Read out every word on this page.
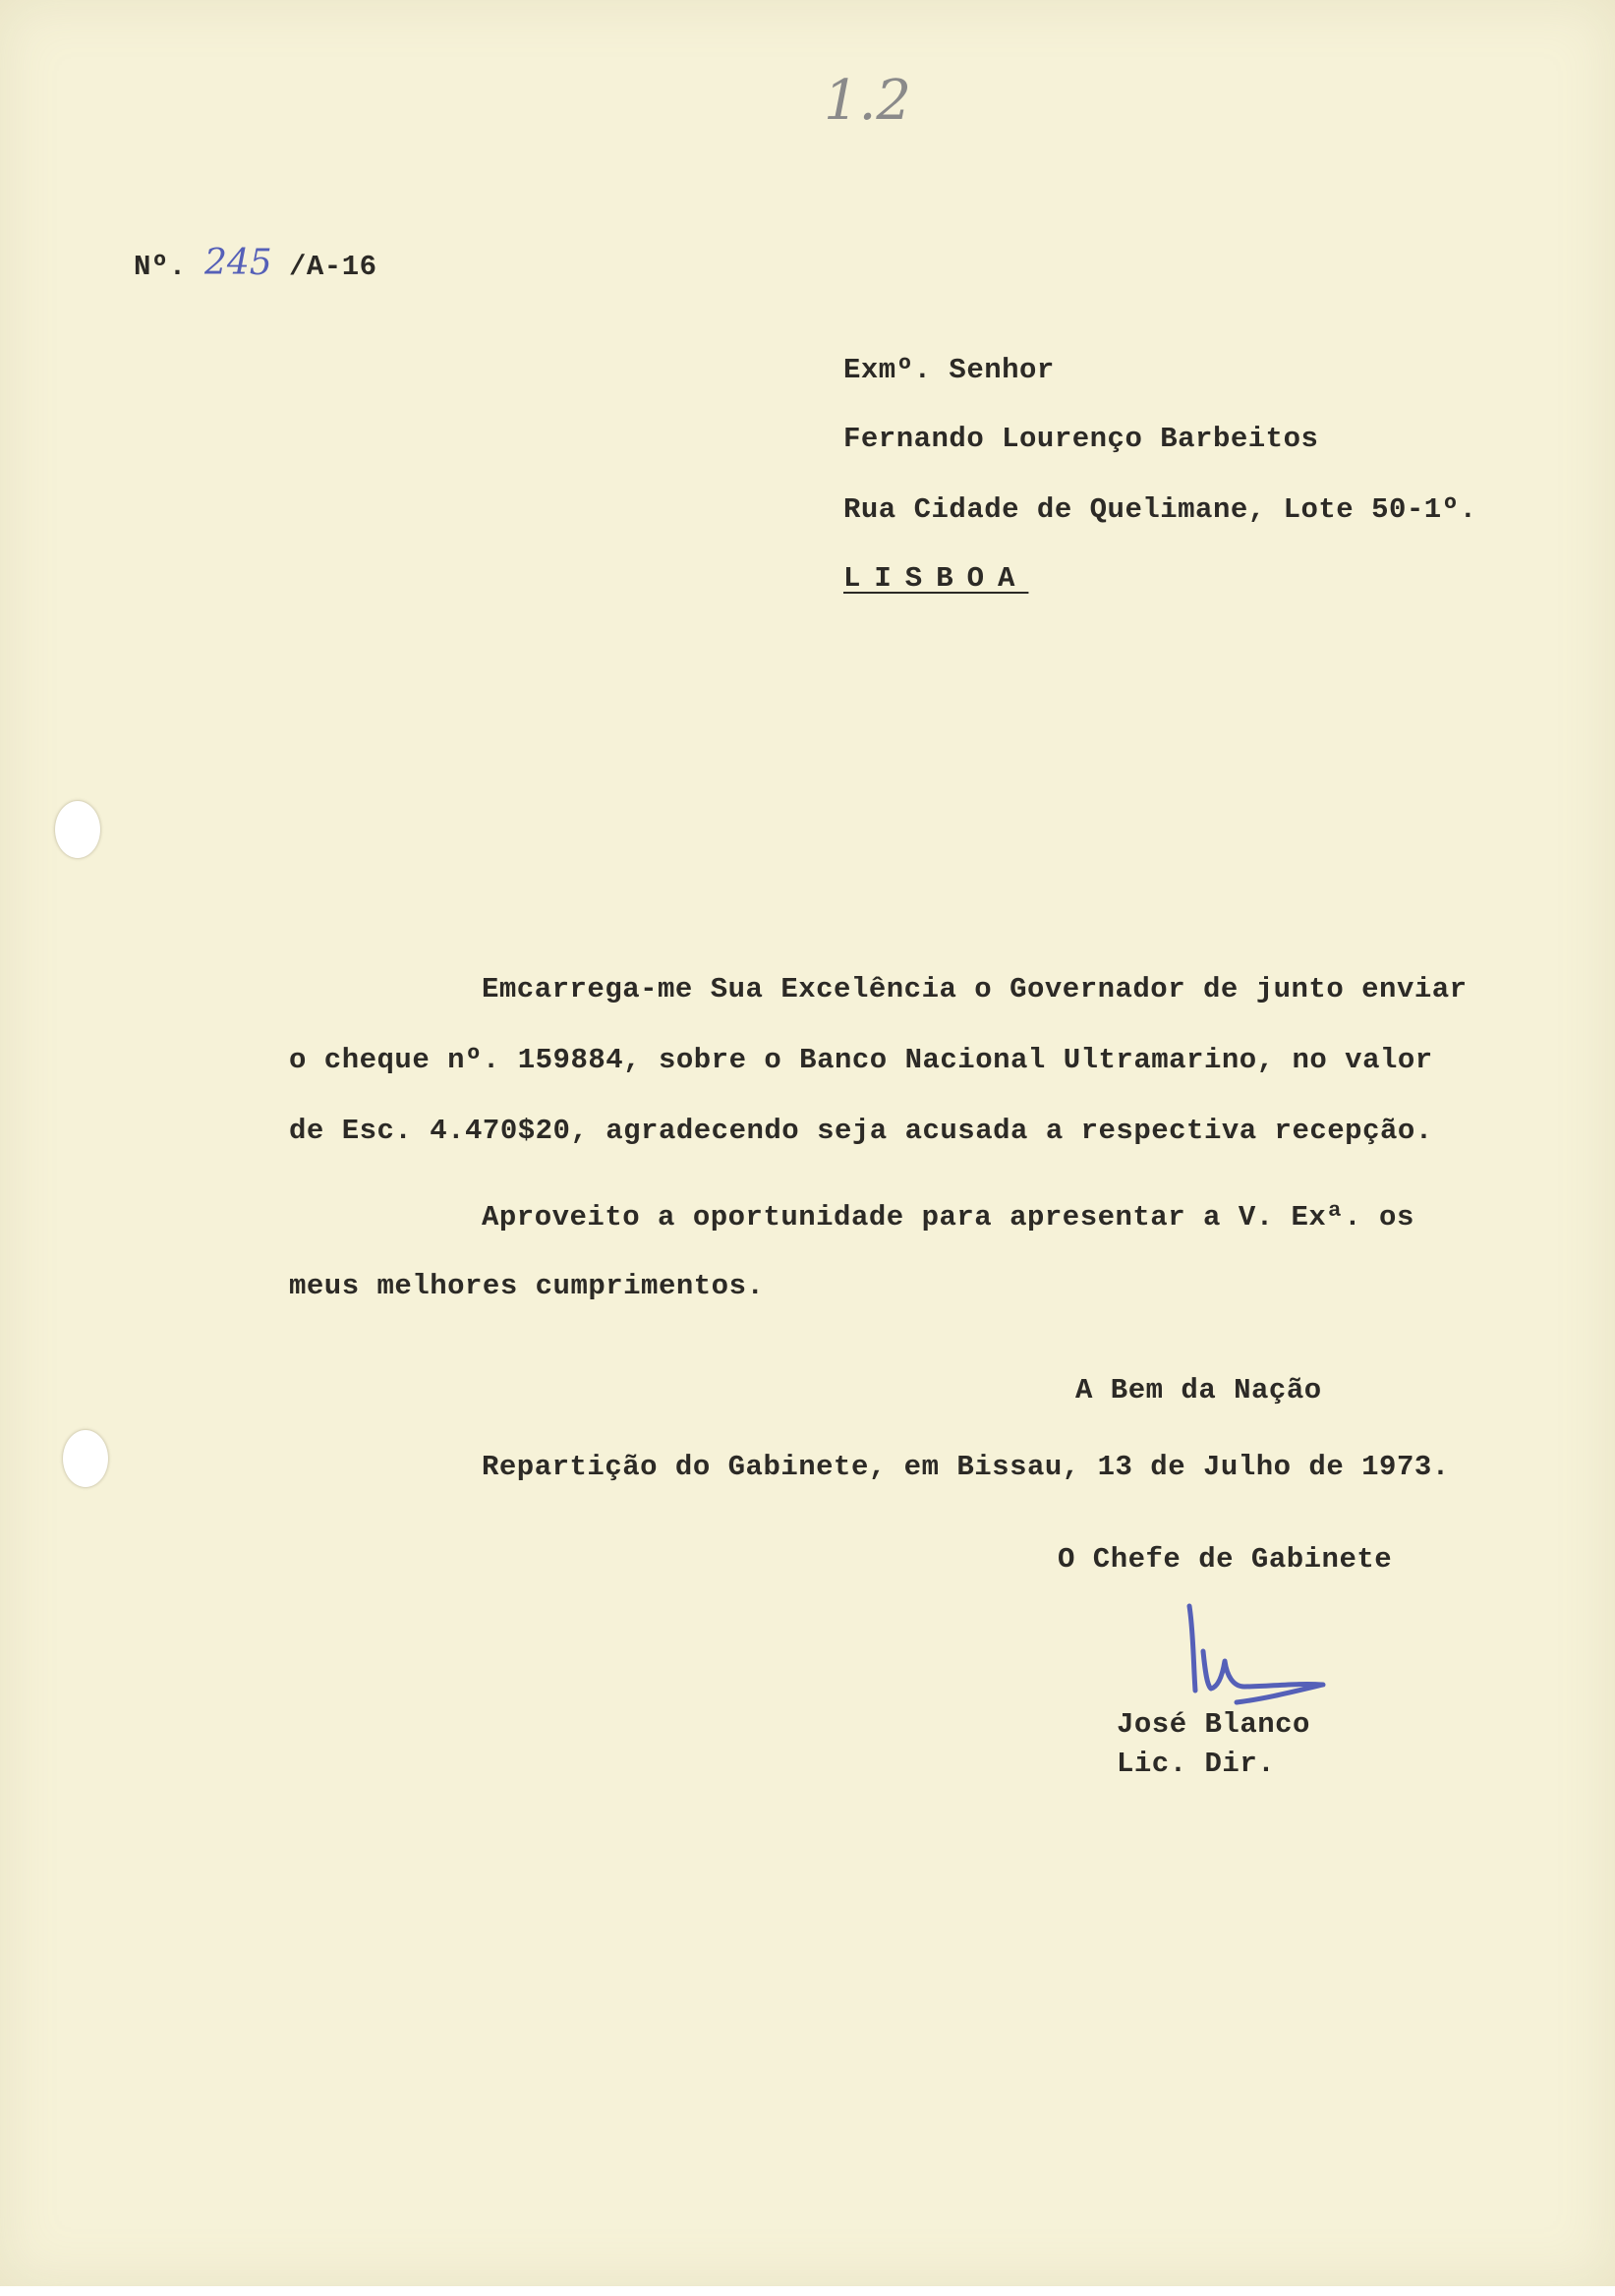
1.2
Nº. 245 /A-16
Exmº. Senhor
Fernando Lourenço Barbeitos
Rua Cidade de Quelimane, Lote 50-1º.
LISBOA
Emcarrega-me Sua Excelência o Governador de junto enviar
o cheque nº. 159884, sobre o Banco Nacional Ultramarino, no valor
de Esc. 4.470$20, agradecendo seja acusada a respectiva recepção.
Aproveito a oportunidade para apresentar a V. Exª. os
meus melhores cumprimentos.
A Bem da Nação
Repartição do Gabinete, em Bissau, 13 de Julho de 1973.
O Chefe de Gabinete
José Blanco
Lic. Dir.
